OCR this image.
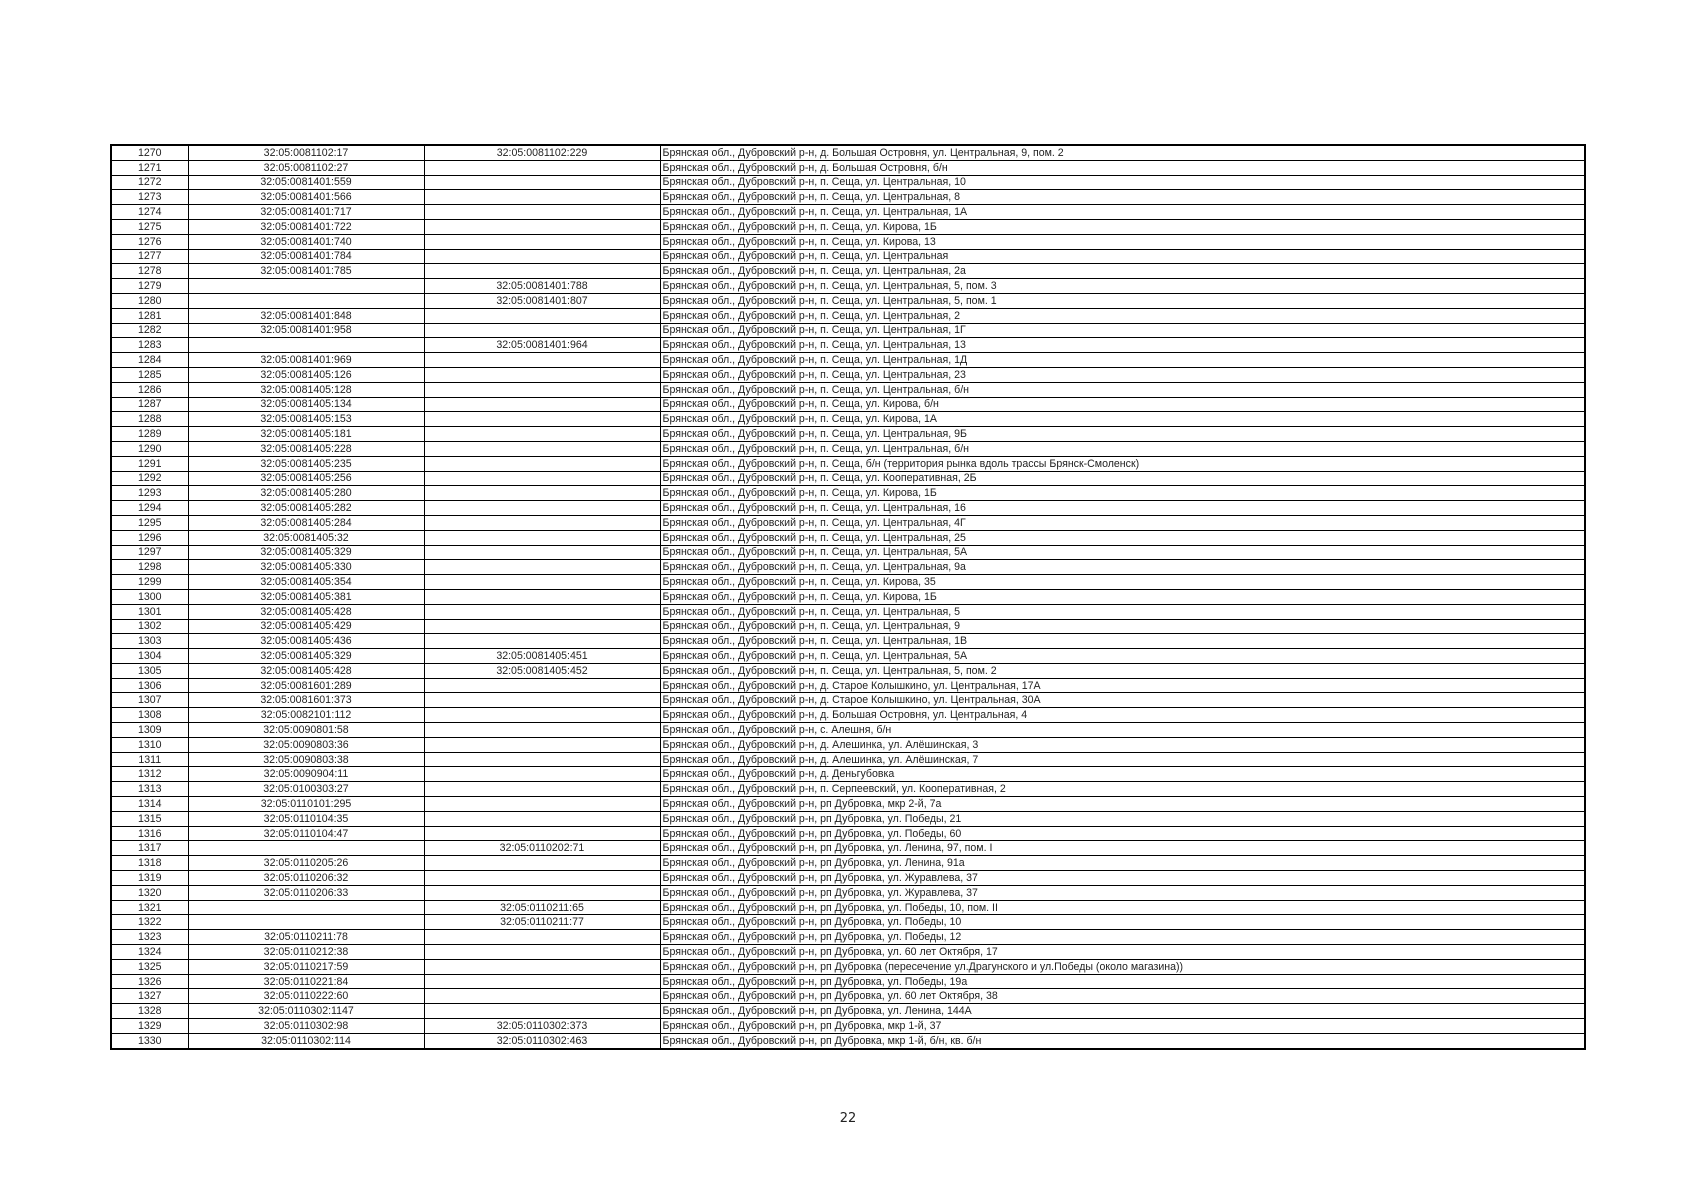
1270	32:05:0081102:17	32:05:0081102:229	Брянская обл., Дубровский р-н, д. Большая Островня, ул. Центральная, 9, пом. 2
1271	32:05:0081102:27		Брянская обл., Дубровский р-н, д. Большая Островня, б/н
1272	32:05:0081401:559		Брянская обл., Дубровский р-н, п. Сеща, ул. Центральная, 10
1273	32:05:0081401:566		Брянская обл., Дубровский р-н, п. Сеща, ул. Центральная, 8
1274	32:05:0081401:717		Брянская обл., Дубровский р-н, п. Сеща, ул. Центральная, 1А
1275	32:05:0081401:722		Брянская обл., Дубровский р-н, п. Сеща, ул. Кирова, 1Б
1276	32:05:0081401:740		Брянская обл., Дубровский р-н, п. Сеща, ул. Кирова, 13
1277	32:05:0081401:784		Брянская обл., Дубровский р-н, п. Сеща, ул. Центральная
1278	32:05:0081401:785		Брянская обл., Дубровский р-н, п. Сеща, ул. Центральная, 2а
1279		32:05:0081401:788	Брянская обл., Дубровский р-н, п. Сеща, ул. Центральная, 5, пом. 3
1280		32:05:0081401:807	Брянская обл., Дубровский р-н, п. Сеща, ул. Центральная, 5, пом. 1
1281	32:05:0081401:848		Брянская обл., Дубровский р-н, п. Сеща, ул. Центральная, 2
1282	32:05:0081401:958		Брянская обл., Дубровский р-н, п. Сеща, ул. Центральная, 1Г
1283		32:05:0081401:964	Брянская обл., Дубровский р-н, п. Сеща, ул. Центральная, 13
1284	32:05:0081401:969		Брянская обл., Дубровский р-н, п. Сеща, ул. Центральная, 1Д
1285	32:05:0081405:126		Брянская обл., Дубровский р-н, п. Сеща, ул. Центральная, 23
1286	32:05:0081405:128		Брянская обл., Дубровский р-н, п. Сеща, ул. Центральная, б/н
1287	32:05:0081405:134		Брянская обл., Дубровский р-н, п. Сеща, ул. Кирова, б/н
1288	32:05:0081405:153		Брянская обл., Дубровский р-н, п. Сеща, ул. Кирова, 1А
1289	32:05:0081405:181		Брянская обл., Дубровский р-н, п. Сеща, ул. Центральная, 9Б
1290	32:05:0081405:228		Брянская обл., Дубровский р-н, п. Сеща, ул. Центральная, б/н
1291	32:05:0081405:235		Брянская обл., Дубровский р-н, п. Сеща, б/н (территория рынка вдоль трассы Брянск-Смоленск)
1292	32:05:0081405:256		Брянская обл., Дубровский р-н, п. Сеща, ул. Кооперативная, 2Б
1293	32:05:0081405:280		Брянская обл., Дубровский р-н, п. Сеща, ул. Кирова, 1Б
1294	32:05:0081405:282		Брянская обл., Дубровский р-н, п. Сеща, ул. Центральная, 16
1295	32:05:0081405:284		Брянская обл., Дубровский р-н, п. Сеща, ул. Центральная, 4Г
1296	32:05:0081405:32		Брянская обл., Дубровский р-н, п. Сеща, ул. Центральная, 25
1297	32:05:0081405:329		Брянская обл., Дубровский р-н, п. Сеща, ул. Центральная, 5А
1298	32:05:0081405:330		Брянская обл., Дубровский р-н, п. Сеща, ул. Центральная, 9а
1299	32:05:0081405:354		Брянская обл., Дубровский р-н, п. Сеща, ул. Кирова, 35
1300	32:05:0081405:381		Брянская обл., Дубровский р-н, п. Сеща, ул. Кирова, 1Б
1301	32:05:0081405:428		Брянская обл., Дубровский р-н, п. Сеща, ул. Центральная, 5
1302	32:05:0081405:429		Брянская обл., Дубровский р-н, п. Сеща, ул. Центральная, 9
1303	32:05:0081405:436		Брянская обл., Дубровский р-н, п. Сеща, ул. Центральная, 1В
1304	32:05:0081405:329	32:05:0081405:451	Брянская обл., Дубровский р-н, п. Сеща, ул. Центральная, 5А
1305	32:05:0081405:428	32:05:0081405:452	Брянская обл., Дубровский р-н, п. Сеща, ул. Центральная, 5, пом. 2
1306	32:05:0081601:289		Брянская обл., Дубровский р-н, д. Старое Колышкино, ул. Центральная, 17А
1307	32:05:0081601:373		Брянская обл., Дубровский р-н, д. Старое Колышкино, ул. Центральная, 30А
1308	32:05:0082101:112		Брянская обл., Дубровский р-н, д. Большая Островня, ул. Центральная, 4
1309	32:05:0090801:58		Брянская обл., Дубровский р-н, с. Алешня, б/н
1310	32:05:0090803:36		Брянская обл., Дубровский р-н, д. Алешинка, ул. Алёшинская, 3
1311	32:05:0090803:38		Брянская обл., Дубровский р-н, д. Алешинка, ул. Алёшинская, 7
1312	32:05:0090904:11		Брянская обл., Дубровский р-н, д. Деньгубовка
1313	32:05:0100303:27		Брянская обл., Дубровский р-н, п. Серпеевский, ул. Кооперативная, 2
1314	32:05:0110101:295		Брянская обл., Дубровский р-н, рп Дубровка, мкр 2-й, 7а
1315	32:05:0110104:35		Брянская обл., Дубровский р-н, рп Дубровка, ул. Победы, 21
1316	32:05:0110104:47		Брянская обл., Дубровский р-н, рп Дубровка, ул. Победы, 60
1317		32:05:0110202:71	Брянская обл., Дубровский р-н, рп Дубровка, ул. Ленина, 97, пом. I
1318	32:05:0110205:26		Брянская обл., Дубровский р-н, рп Дубровка, ул. Ленина, 91а
1319	32:05:0110206:32		Брянская обл., Дубровский р-н, рп Дубровка, ул. Журавлева, 37
1320	32:05:0110206:33		Брянская обл., Дубровский р-н, рп Дубровка, ул. Журавлева, 37
1321		32:05:0110211:65	Брянская обл., Дубровский р-н, рп Дубровка, ул. Победы, 10, пом. II
1322		32:05:0110211:77	Брянская обл., Дубровский р-н, рп Дубровка, ул. Победы, 10
1323	32:05:0110211:78		Брянская обл., Дубровский р-н, рп Дубровка, ул. Победы, 12
1324	32:05:0110212:38		Брянская обл., Дубровский р-н, рп Дубровка, ул. 60 лет Октября, 17
1325	32:05:0110217:59		Брянская обл., Дубровский р-н, рп Дубровка (пересечение ул.Драгунского и ул.Победы (около магазина))
1326	32:05:0110221:84		Брянская обл., Дубровский р-н, рп Дубровка, ул. Победы, 19а
1327	32:05:0110222:60		Брянская обл., Дубровский р-н, рп Дубровка, ул. 60 лет Октября, 38
1328	32:05:0110302:1147		Брянская обл., Дубровский р-н, рп Дубровка, ул. Ленина, 144А
1329	32:05:0110302:98	32:05:0110302:373	Брянская обл., Дубровский р-н, рп Дубровка, мкр 1-й, 37
1330	32:05:0110302:114	32:05:0110302:463	Брянская обл., Дубровский р-н, рп Дубровка, мкр 1-й, б/н, кв. б/н
22
